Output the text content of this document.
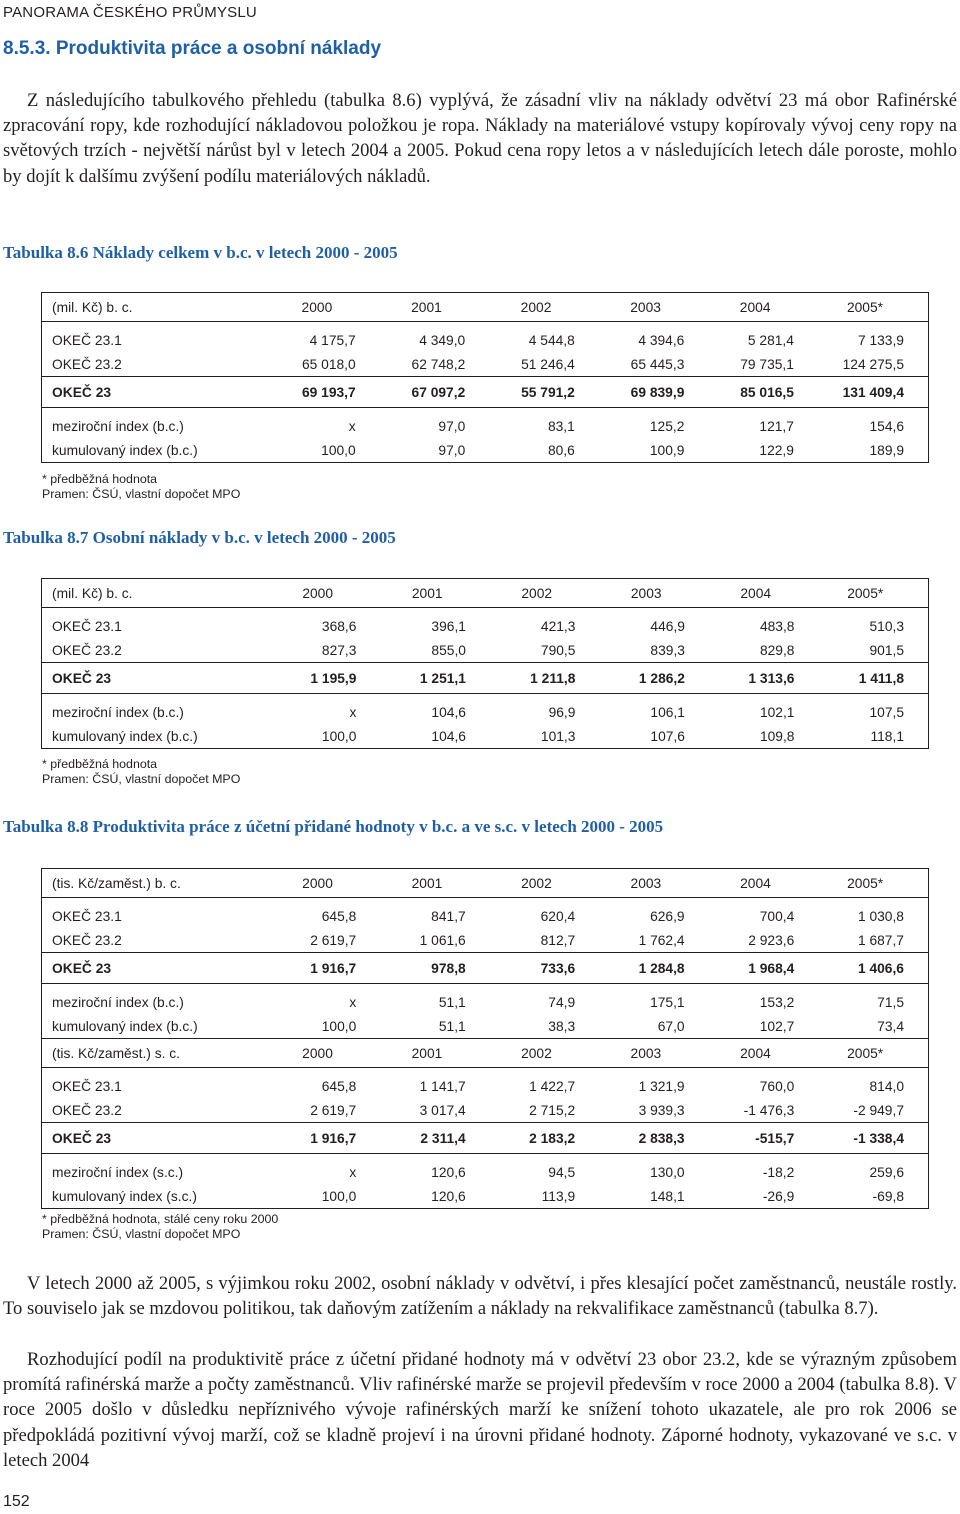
PANORAMA ČESKÉHO PRŮMYSLU
8.5.3. Produktivita práce a osobní náklady

Z následujícího tabulkového přehledu (tabulka 8.6) vyplývá, že zásadní vliv na náklady odvětví 23 má obor Rafinérské zpracování ropy, kde rozhodující nákladovou položkou je ropa. Náklady na materiálové vstupy kopírovaly vývoj ceny ropy na světových trzích - největší nárůst byl v letech 2004 a 2005. Pokud cena ropy letos a v následujících letech dále poroste, mohlo by dojít k dalšímu zvýšení podílu materiálových nákladů.

Tabulka 8.6 Náklady celkem v b.c. v letech 2000 - 2005
(mil. Kč) b. c.	2000	2001	2002	2003	2004	2005*
OKEČ 23.1	4 175,7	4 349,0	4 544,8	4 394,6	5 281,4	7 133,9
OKEČ 23.2	65 018,0	62 748,2	51 246,4	65 445,3	79 735,1	124 275,5
OKEČ 23	69 193,7	67 097,2	55 791,2	69 839,9	85 016,5	131 409,4
meziroční index (b.c.)	x	97,0	83,1	125,2	121,7	154,6
kumulovaný index (b.c.)	100,0	97,0	80,6	100,9	122,9	189,9
* předběžná hodnota
Pramen: ČSÚ, vlastní dopočet MPO
Tabulka 8.7 Osobní náklady v b.c. v letech 2000 - 2005
(mil. Kč) b. c.	2000	2001	2002	2003	2004	2005*
OKEČ 23.1	368,6	396,1	421,3	446,9	483,8	510,3
OKEČ 23.2	827,3	855,0	790,5	839,3	829,8	901,5
OKEČ 23	1 195,9	1 251,1	1 211,8	1 286,2	1 313,6	1 411,8
meziroční index (b.c.)	x	104,6	96,9	106,1	102,1	107,5
kumulovaný index (b.c.)	100,0	104,6	101,3	107,6	109,8	118,1
* předběžná hodnota
Pramen: ČSÚ, vlastní dopočet MPO
Tabulka 8.8 Produktivita práce z účetní přidané hodnoty v b.c. a ve s.c. v letech 2000 - 2005
(tis. Kč/zaměst.) b. c.	2000	2001	2002	2003	2004	2005*
OKEČ 23.1	645,8	841,7	620,4	626,9	700,4	1 030,8
OKEČ 23.2	2 619,7	1 061,6	812,7	1 762,4	2 923,6	1 687,7
OKEČ 23	1 916,7	978,8	733,6	1 284,8	1 968,4	1 406,6
meziroční index (b.c.)	x	51,1	74,9	175,1	153,2	71,5
kumulovaný index (b.c.)	100,0	51,1	38,3	67,0	102,7	73,4
(tis. Kč/zaměst.) s. c.	2000	2001	2002	2003	2004	2005*
OKEČ 23.1	645,8	1 141,7	1 422,7	1 321,9	760,0	814,0
OKEČ 23.2	2 619,7	3 017,4	2 715,2	3 939,3	-1 476,3	-2 949,7
OKEČ 23	1 916,7	2 311,4	2 183,2	2 838,3	-515,7	-1 338,4
meziroční index (s.c.)	x	120,6	94,5	130,0	-18,2	259,6
kumulovaný index (s.c.)	100,0	120,6	113,9	148,1	-26,9	-69,8
* předběžná hodnota, stálé ceny roku 2000
Pramen: ČSÚ, vlastní dopočet MPO

V letech 2000 až 2005, s výjimkou roku 2002, osobní náklady v odvětví, i přes klesající počet zaměstnanců, neustále rostly. To souviselo jak se mzdovou politikou, tak daňovým zatížením a náklady na rekvalifikace zaměstnanců (tabulka 8.7).

Rozhodující podíl na produktivitě práce z účetní přidané hodnoty má v odvětví 23 obor 23.2, kde se výrazným způsobem promítá rafinérská marže a počty zaměstnanců. Vliv rafinérské marže se projevil především v roce 2000 a 2004 (tabulka 8.8). V roce 2005 došlo v důsledku nepříznivého vývoje rafinérských marží ke snížení tohoto ukazatele, ale pro rok 2006 se předpokládá pozitivní vývoj marží, což se kladně projeví i na úrovni přidané hodnoty. Záporné hodnoty, vykazované ve s.c. v letech 2004

152
